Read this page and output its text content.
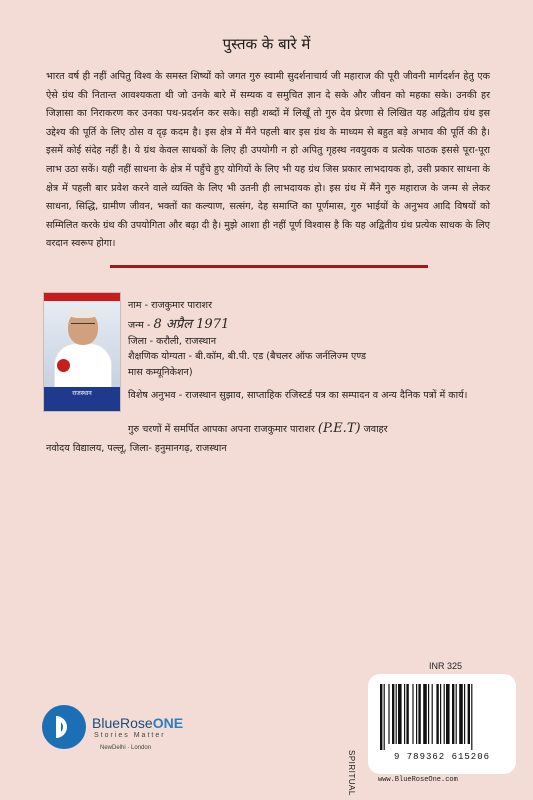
पुस्तक के बारे में
भारत वर्ष ही नहीं अपितु विश्व के समस्त शिष्यों को जगत गुरु स्वामी सुदर्शनाचार्य जी महाराज की पूरी जीवनी मार्गदर्शन हेतु एक ऐसे ग्रंथ की नितान्त आवश्यकता थी जो उनके बारे में सम्यक व समुचित ज्ञान दे सके और जीवन को महका सके। उनकी हर जिज्ञासा का निराकरण कर उनका पथ-प्रदर्शन कर सके। सही शब्दों में लिखूँ तो गुरु देव प्रेरणा से लिखित यह अद्वितीय ग्रंथ इस उद्देश्य की पूर्ति के लिए ठोस व दृढ़ कदम है। इस क्षेत्र में मैंने पहली बार इस ग्रंथ के माध्यम से बहुत बड़े अभाव की पूर्ति की है। इसमें कोई संदेह नहीं है। ये ग्रंथ केवल साधकों के लिए ही उपयोगी न हो अपितु गृहस्थ नवयुवक व प्रत्येक पाठक इससे पूरा-पूरा लाभ उठा सकें। यही नहीं साधना के क्षेत्र में पहुँचे हुए योगियों के लिए भी यह ग्रंथ जिस प्रकार लाभदायक हो, उसी प्रकार साधना के क्षेत्र में पहली बार प्रवेश करने वाले व्यक्ति के लिए भी उतनी ही लाभदायक हो। इस ग्रंथ में मैंने गुरु महाराज के जन्म से लेकर साधना, सिद्धि, ग्रामीण जीवन, भक्तों का कल्याण, सत्संग, देह समाप्ति का पूर्णमास, गुरु भाईयों के अनुभव आदि विषयों को सम्मिलित करके ग्रंथ की उपयोगिता और बढ़ा दी है। मुझे आशा ही नहीं पूर्ण विश्वास है कि यह अद्वितीय ग्रंथ प्रत्येक साधक के लिए वरदान स्वरूप होगा।
राजस्थान
नाम - राजकुमार पाराशर
जन्म - 8 अप्रैल 1971
जिला - करौली, राजस्थान
शैक्षणिक योग्यता - बी.कॉम, बी.पी. एड (बैचलर ऑफ जर्नलिज्म एण्ड
मास कम्यूनिकेशन)
विशेष अनुभव - राजस्थान सुझाव, साप्ताहिक रजिस्टर्ड पत्र का सम्पादन व अन्य दैनिक पत्रों में कार्य।
गुरु चरणों में समर्पित आपका अपना राजकुमार पाराशर (P.E.T) जवाहर
नवोदय विद्यालय, पल्लू, जिला- हनुमानगढ़, राजस्थान
BlueRoseONE
Stories Matter
NewDelhi · London
INR 325
SPIRITUAL	9 789362 615206
www.BlueRoseOne.com
